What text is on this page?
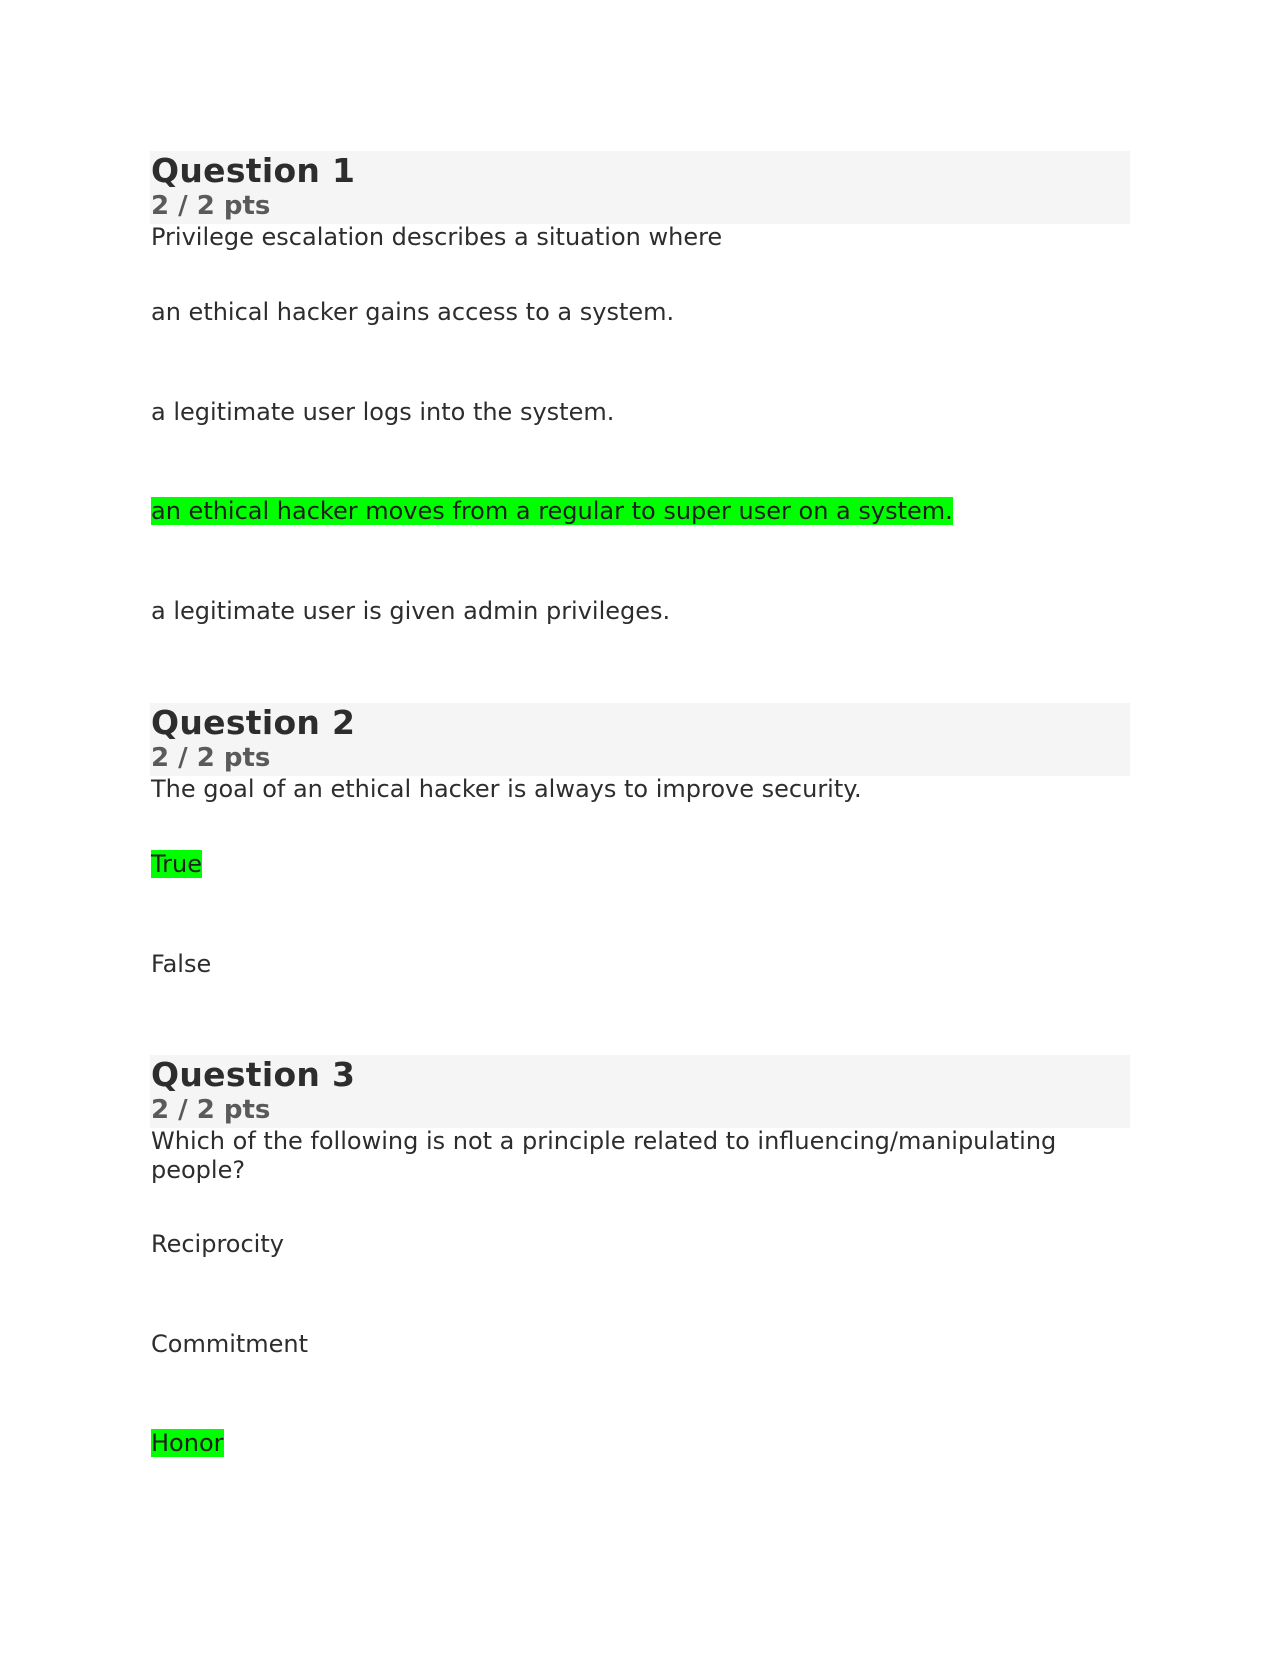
Question 1
2 / 2 pts
Privilege escalation describes a situation where
an ethical hacker gains access to a system.
a legitimate user logs into the system.
an ethical hacker moves from a regular to super user on a system.
a legitimate user is given admin privileges.
Question 2
2 / 2 pts
The goal of an ethical hacker is always to improve security.
True
False
Question 3
2 / 2 pts
Which of the following is not a principle related to influencing/manipulating people?
Reciprocity
Commitment
Honor
